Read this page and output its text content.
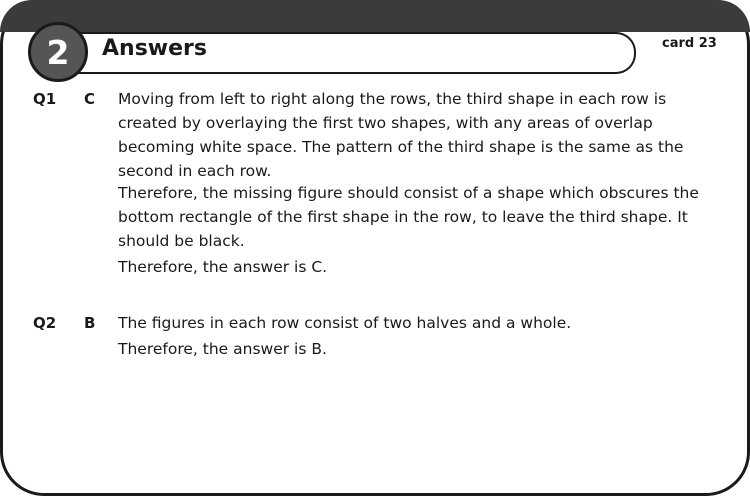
2 Answers	card 23
Q1 C Moving from left to right along the rows, the third shape in each row is created by overlaying the first two shapes, with any areas of overlap becoming white space. The pattern of the third shape is the same as the second in each row.
Therefore, the missing figure should consist of a shape which obscures the bottom rectangle of the first shape in the row, to leave the third shape. It should be black.
Therefore, the answer is C.
Q2 B The figures in each row consist of two halves and a whole.
Therefore, the answer is B.
